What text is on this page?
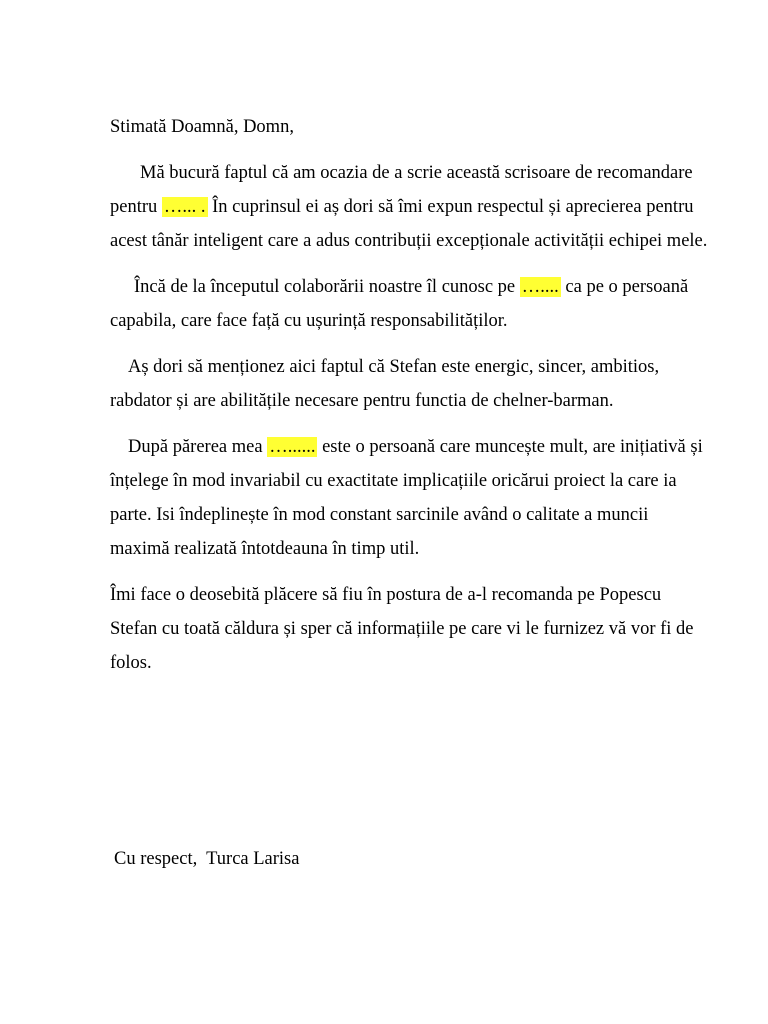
Stimată Doamnă, Domn,
Mă bucură faptul că am ocazia de a scrie această scrisoare de recomandare pentru …... . În cuprinsul ei aș dori să îmi expun respectul și aprecierea pentru acest tânăr inteligent care a adus contribuții excepționale activității echipei mele.
Încă de la începutul colaborării noastre îl cunosc pe ….... ca pe o persoană capabila, care face față cu ușurință responsabilităților.
Aș dori să menționez aici faptul că Stefan este energic, sincer, ambitios, rabdator și are abilitățile necesare pentru functia de chelner-barman.
După părerea mea …...... este o persoană care muncește mult, are inițiativă și înțelege în mod invariabil cu exactitate implicațiile oricărui proiect la care ia parte. Isi îndeplinește în mod constant sarcinile având o calitate a muncii maximă realizată întotdeauna în timp util.
Îmi face o deosebită plăcere să fiu în postura de a-l recomanda pe Popescu Stefan cu toată căldura și sper că informațiile pe care vi le furnizez vă vor fi de folos.
Cu respect,  Turca Larisa
